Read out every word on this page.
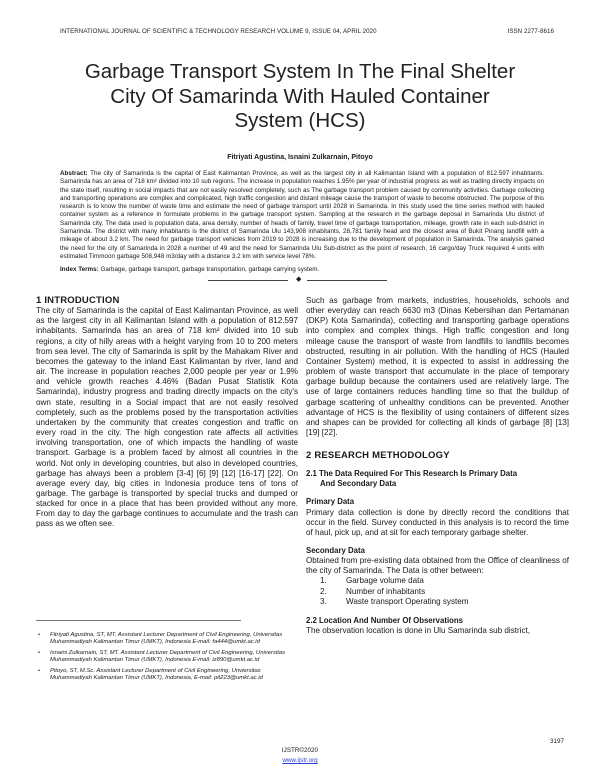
INTERNATIONAL JOURNAL OF SCIENTIFIC & TECHNOLOGY RESEARCH VOLUME 9, ISSUE 04, APRIL 2020	ISSN 2277-8616
Garbage Transport System In The Final Shelter
City Of Samarinda With Hauled Container
System (HCS)
Fitriyati Agustina, Isnaini Zulkarnain, Pitoyo
Abstract: The city of Samarinda is the capital of East Kalimantan Province, as well as the largest city in all Kalimantan Island with a population of 812.597 inhabitants. Samarinda has an area of 718 km² divided into 10 sub regions. The increase in population reaches 1.95% per year of industrial progress as well as trading directly impacts on the state itself, resulting in social impacts that are not easily resolved completely, such as The garbage transport problem caused by community activities. Garbage collecting and transporting operations are complex and complicated, high traffic congestion and distant mileage cause the transport of waste to become obstructed. The purpose of this research is to know the number of waste time and estimate the need of garbage transport until 2028 in Samarinda. In this study used the time series method with hauled container system as a reference in formulate problems in the garbage transport system. Sampling at the research in the garbage deposal in Samarinda Ulu district of Samarinda city. The data used is population data, area density, number of heads of family, travel time of garbage transportation, mileage, growth rate in each sub-district in Samarinda. The district with many inhabitants is the district of Samarinda Ulu 143,908 inhabitants, 28,781 family head and the closest area of Bukit Pinang landfill with a mileage of about 3.2 km. The need for garbage transport vehicles from 2019 to 2028 is increasing due to the development of population in Samarinda. The analysis gained the need for the city of Samarinda in 2028 a number of 49 and the need for Samarinda Ulu Sub-district as the point of research, 16 cargo/day Truck required 4 units with estimated Timmoon garbage 508,948 m3/day with a distance 3.2 km with service level 78%.
Index Terms: Garbage, garbage transport, garbage transportation, garbage carrying system.
◆
1 INTRODUCTION

The city of Samarinda is the capital of East Kalimantan Province, as well as the largest city in all Kalimantan Island with a population of 812.597 inhabitants. Samarinda has an area of 718 km² divided into 10 sub regions, a city of hilly areas with a height varying from 10 to 200 meters from sea level. The city of Samarinda is split by the Mahakam River and becomes the gateway to the inland East Kalimantan by river, land and air. The increase in population reaches 2,000 people per year or 1.9% and vehicle growth reaches 4.46% (Badan Pusat Statistik Kota Samarinda), industry progress and trading directly impacts on the city's own state, resulting in a Social impact that are not easily resolved completely, such as the problems posed by the transportation activities undertaken by the community that creates congestion and traffic on every road in the city. The high congestion rate affects all activities involving transportation, one of which impacts the handling of waste transport. Garbage is a problem faced by almost all countries in the world. Not only in developing countries, but also in developed countries, garbage has always been a problem [3-4] [6] [9] [12] [16-17] [22]. On average every day, big cities in Indonesia produce tens of tons of garbage. The garbage is transported by special trucks and dumped or stacked for once in a place that has been provided without any more. From day to day the garbage continues to accumulate and the trash can pass as we often see.

• Fitriyati Agustina, ST, MT. Assistant Lecturer Department of Civil Engineering, Universitas Muhammadiyah Kalimantan Timur (UMKT), Indonesia E-mail: fa444@umkt.ac.id
• Isnaini Zulkarnain, ST, MT. Assistant Lecturer Department of Civil Engineering, Universitas Muhammadiyah Kalimantan Timur (UMKT), Indonesia E-mail: iz890@umkt.ac.id
• Pitoyo, ST, M.Sc. Assistant Lecturer Department of Civil Engineering, Unviersitas Muhammadiyah Kalimantan Timur (UMKT), Indonesia, E-mail: pit223@umkt.ac.id

Such as garbage from markets, industries, households, schools and other everyday can reach 6630 m3 (Dinas Kebersihan dan Pertamanan (DKP) Kota Samarinda), collecting and transporting garbage operations into complex and complex things. High traffic congestion and long mileage cause the transport of waste from landfills to landfills becomes obstructed, resulting in air pollution. With the handling of HCS (Hauled Container System) method, it is expected to assist in addressing the problem of waste transport that accumulate in the place of temporary garbage buildup because the containers used are relatively large. The use of large containers reduces handling time so that the buildup of garbage scattering of unhealthy conditions can be prevented. Another advantage of HCS is the flexibility of using containers of different sizes and shapes can be provided for collecting all kinds of garbage [8] [13] [19] [22].

2 RESEARCH METHODOLOGY
2.1 The Data Required For This Research Is Primary Data
And Secondary Data
Primary Data

Primary data collection is done by directly record the conditions that occur in the field. Survey conducted in this analysis is to record the time of haul, pick up, and at sit for each temporary garbage shelter.

Secondary Data

Obtained from pre-existing data obtained from the Office of cleanliness of the city of Samarinda. The Data is other between:

1. Garbage volume data
2. Number of inhabitants
3. Waste transport Operating system
2.2 Location And Number Of Observations

The observation location is done in Ulu Samarinda sub district,

3197
IJSTR©2020
www.ijstr.org
